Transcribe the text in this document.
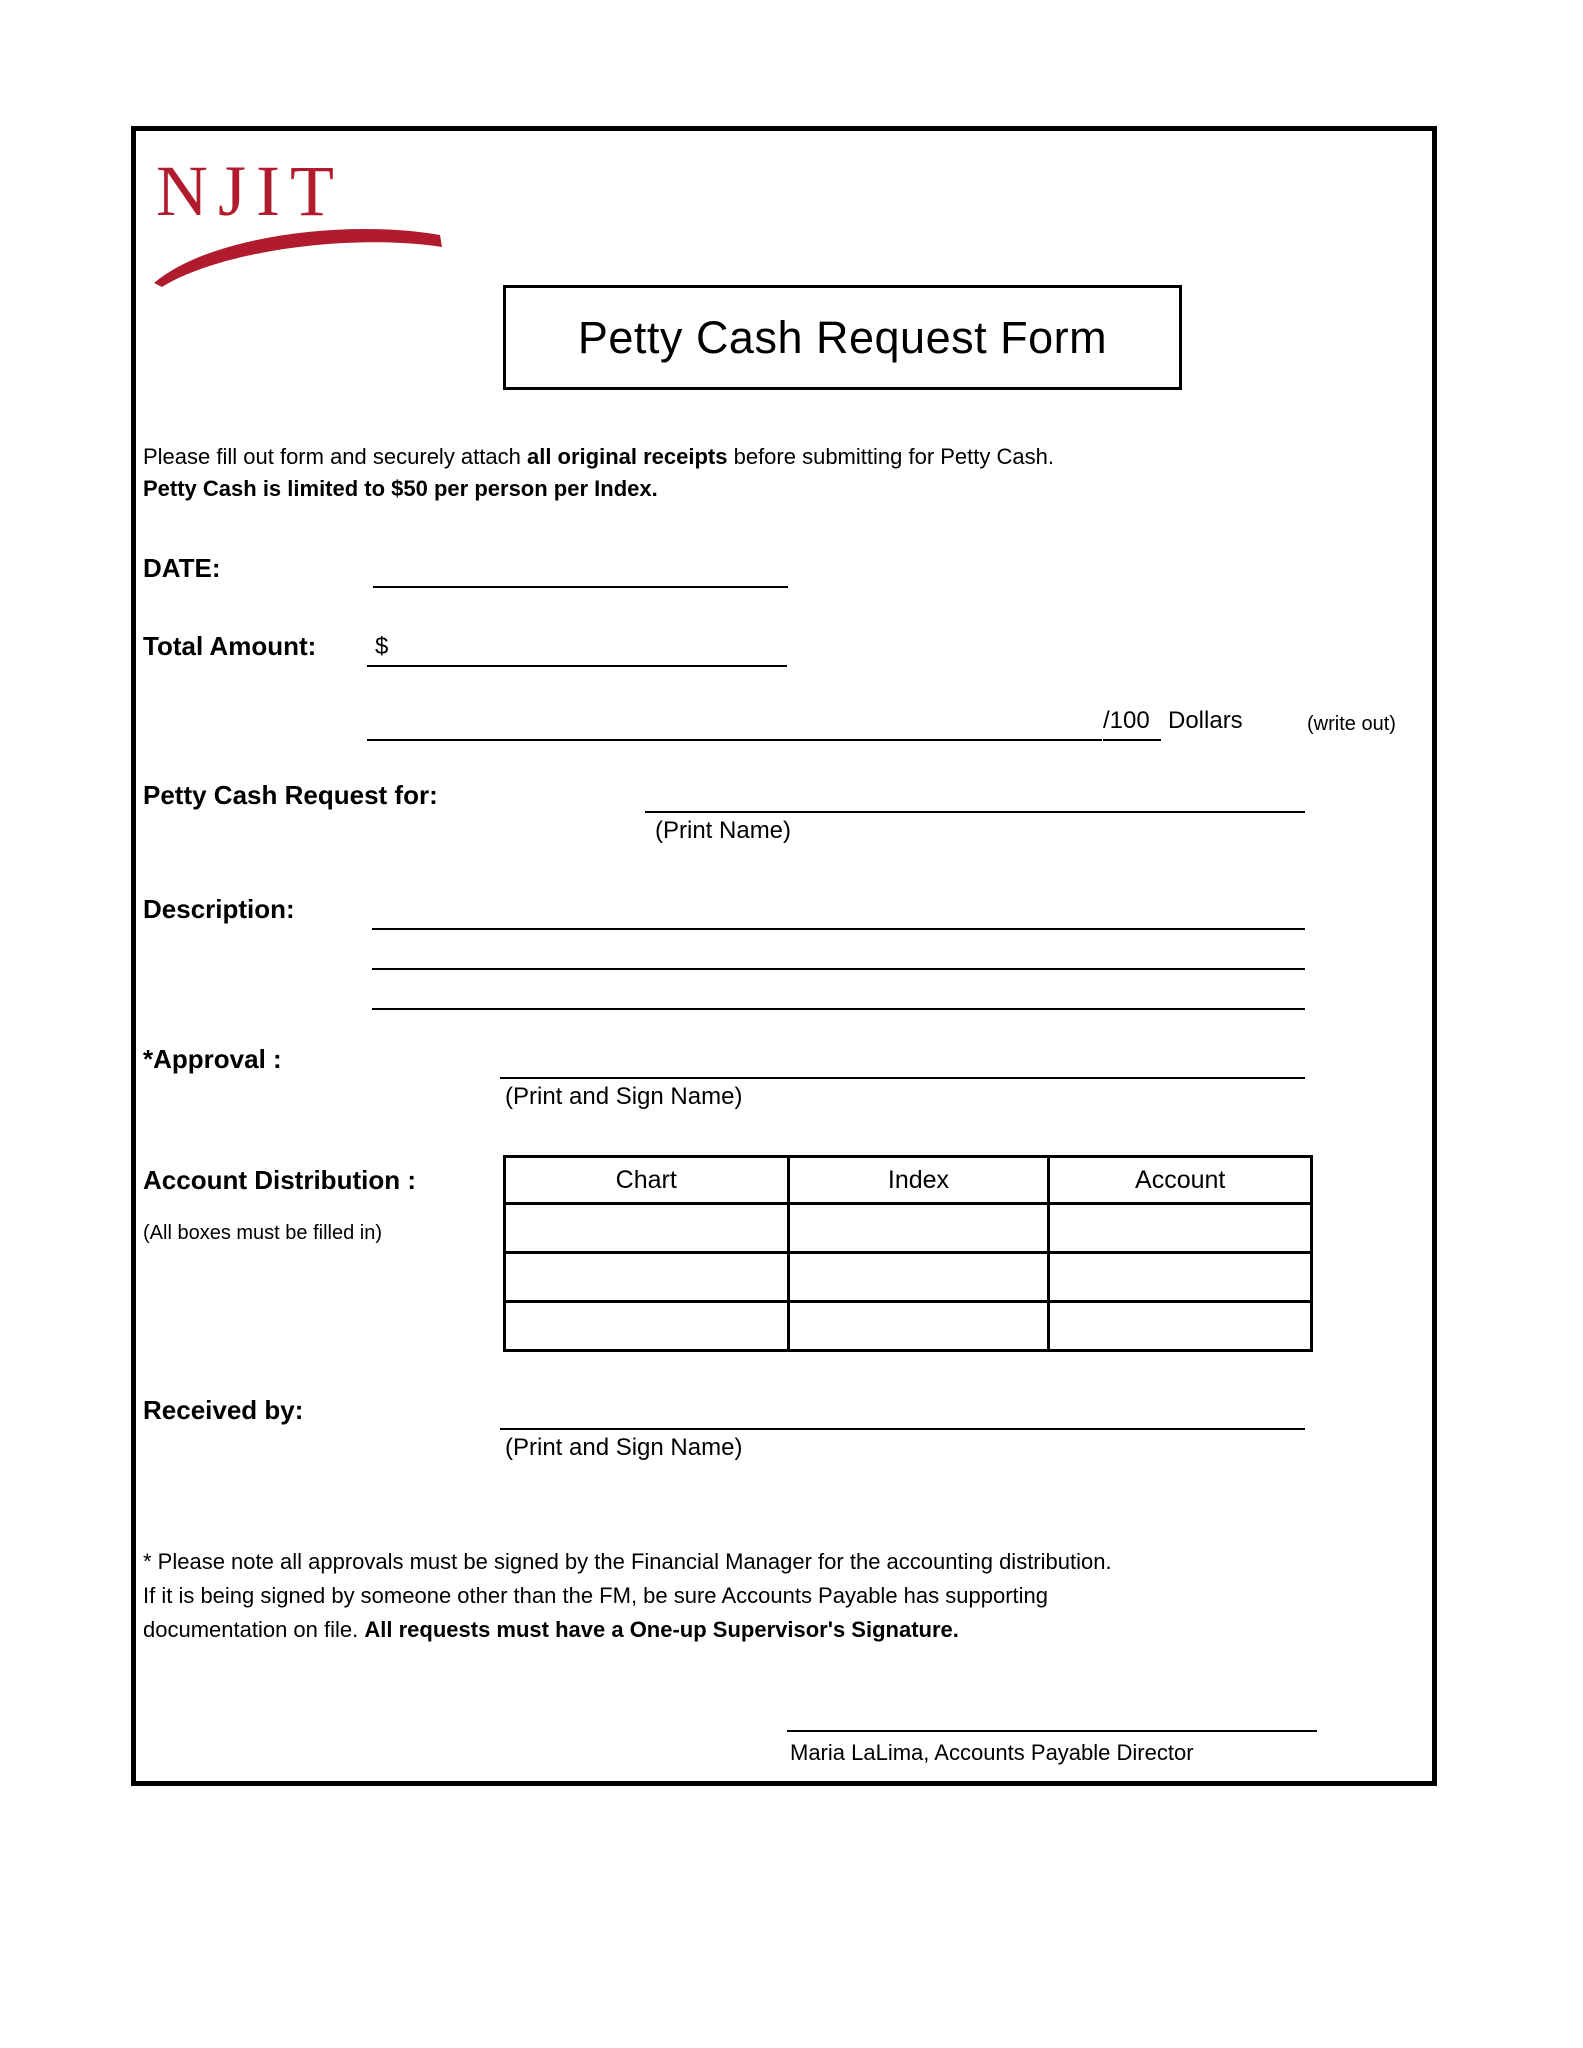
NJIT
Petty Cash Request Form
Please fill out form and securely attach all original receipts before submitting for Petty Cash.
Petty Cash is limited to $50 per person per Index.
DATE:
Total Amount: $
/100 Dollars	(write out)
Petty Cash Request for:
(Print Name)
Description:
*Approval :
(Print and Sign Name)
Account Distribution :
(All boxes must be filled in)
Chart	Index	Account

Received by:
(Print and Sign Name)
* Please note all approvals must be signed by the Financial Manager for the accounting distribution.
If it is being signed by someone other than the FM, be sure Accounts Payable has supporting
documentation on file. All requests must have a One-up Supervisor's Signature.
Maria LaLima, Accounts Payable Director
